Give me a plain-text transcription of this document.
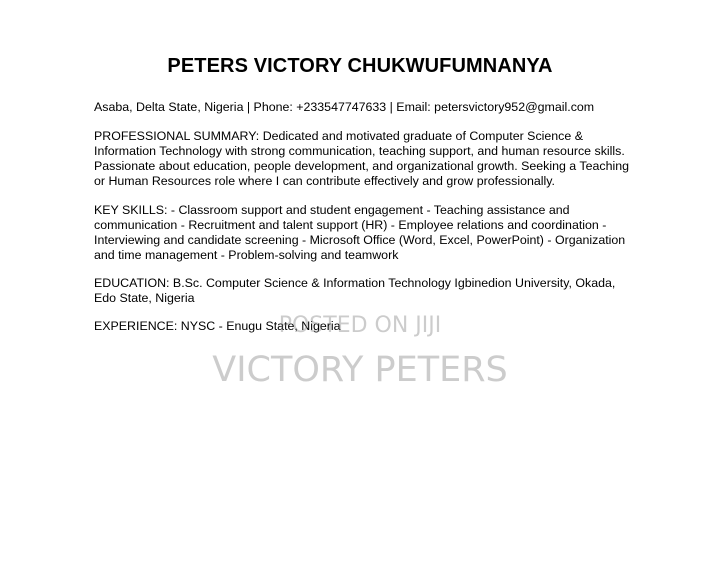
PETERS VICTORY CHUKWUFUMNANYA
Asaba, Delta State, Nigeria | Phone: +233547747633 | Email: petersvictory952@gmail.com
PROFESSIONAL SUMMARY: Dedicated and motivated graduate of Computer Science & Information Technology with strong communication, teaching support, and human resource skills. Passionate about education, people development, and organizational growth. Seeking a Teaching or Human Resources role where I can contribute effectively and grow professionally.
KEY SKILLS: - Classroom support and student engagement - Teaching assistance and communication - Recruitment and talent support (HR) - Employee relations and coordination - Interviewing and candidate screening - Microsoft Office (Word, Excel, PowerPoint) - Organization and time management - Problem-solving and teamwork
EDUCATION: B.Sc. Computer Science & Information Technology Igbinedion University, Okada, Edo State, Nigeria
EXPERIENCE: NYSC - Enugu State, Nigeria
POSTED ON JIJI
VICTORY PETERS
